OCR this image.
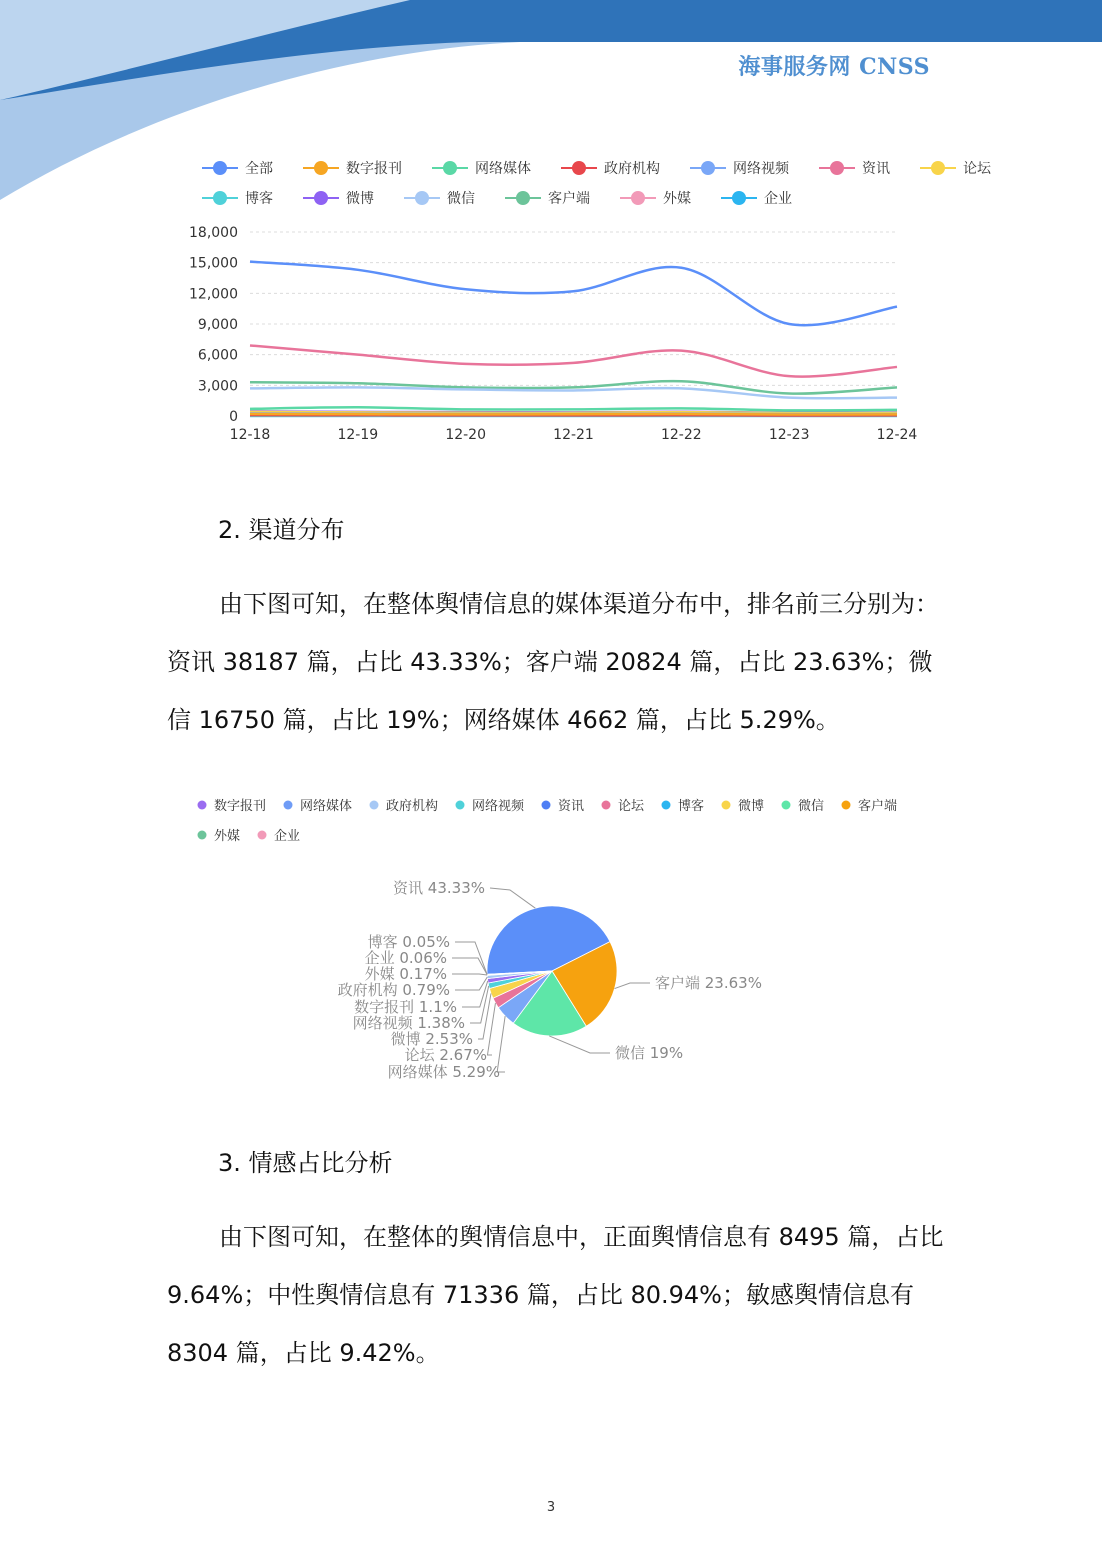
海事服务网 CNSS
全部	数字报刊	网络媒体	政府机构	网络视频	资讯	论坛
博客	微博	微信	客户端	外媒	企业
0
3,000
6,000
9,000
12,000
15,000
18,000
12-18	12-19	12-20	12-21	12-22	12-23	12-24
2. 渠道分布
由下图可知，在整体舆情信息的媒体渠道分布中，排名前三分别为：资讯 38187 篇，占比 43.33%；客户端 20824 篇，占比 23.63%；微信 16750 篇，占比 19%；网络媒体 4662 篇，占比 5.29%。
数字报刊	网络媒体	政府机构	网络视频	资讯	论坛	博客	微博	微信	客户端
外媒	企业
资讯 43.33%
客户端 23.63%
微信 19%
博客 0.05%
企业 0.06%
外媒 0.17%
政府机构 0.79%
数字报刊 1.1%
网络视频 1.38%
微博 2.53%
论坛 2.67%
网络媒体 5.29%
3. 情感占比分析
由下图可知，在整体的舆情信息中，正面舆情信息有 8495 篇，占比 9.64%；中性舆情信息有 71336 篇，占比 80.94%；敏感舆情信息有 8304 篇，占比 9.42%。
3
